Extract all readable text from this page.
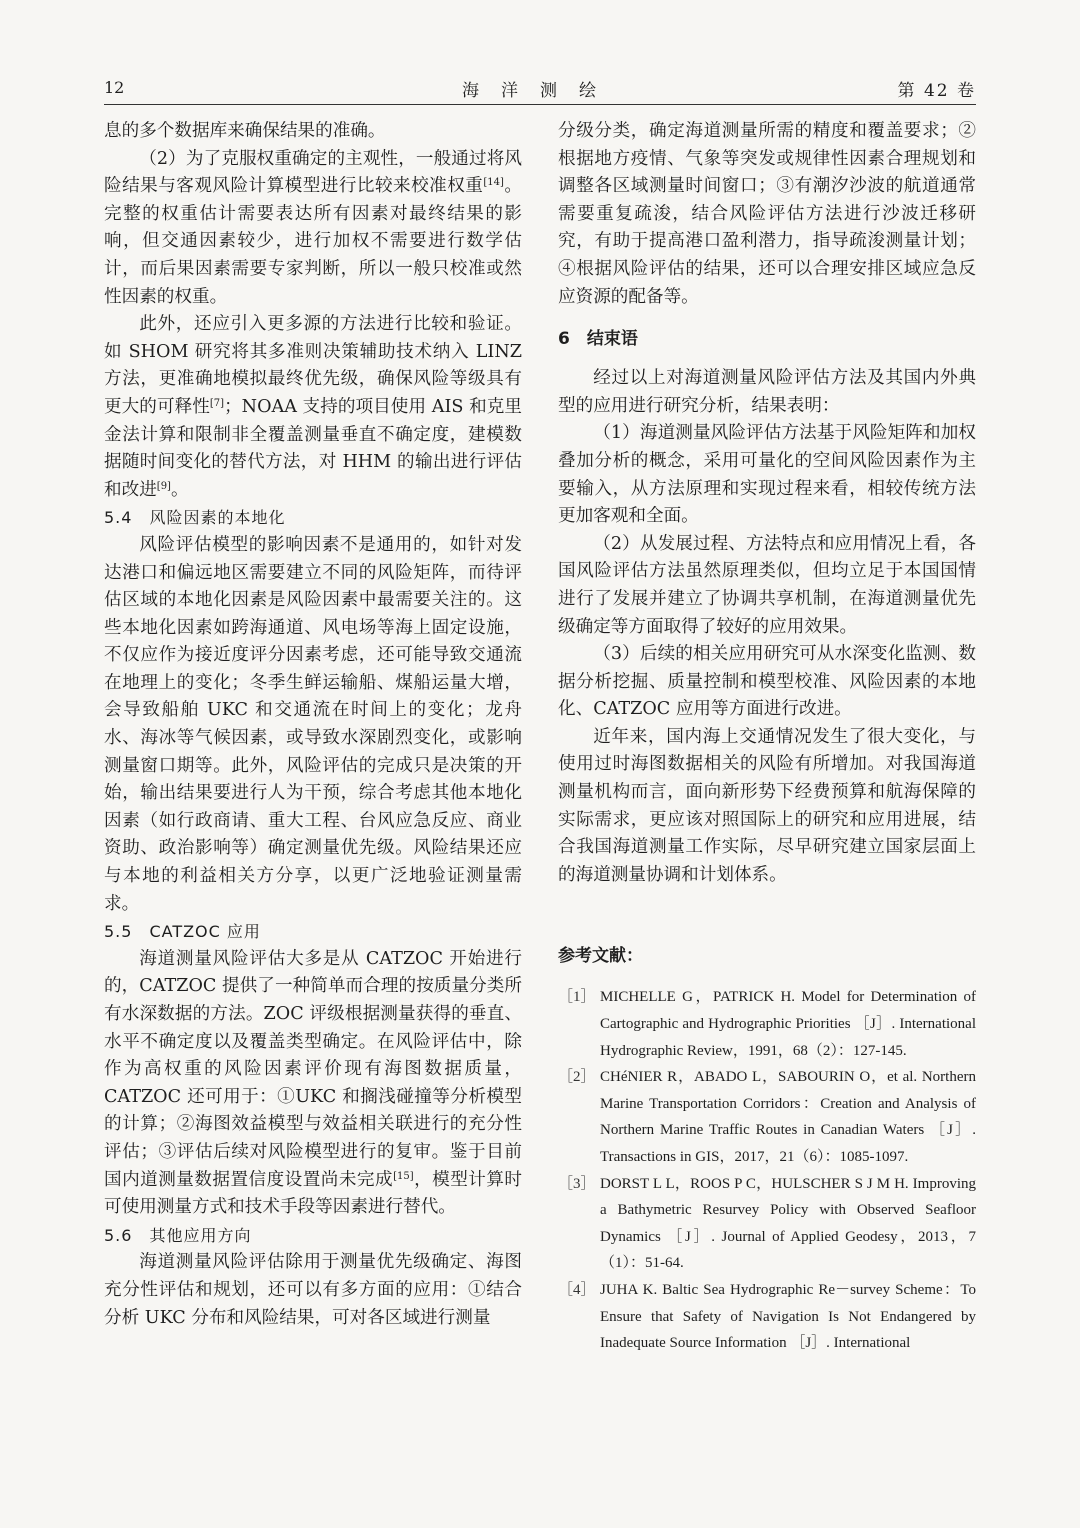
12	海洋测绘	第 42 卷

息的多个数据库来确保结果的准确。

（2）为了克服权重确定的主观性，一般通过将风险结果与客观风险计算模型进行比较来校准权重[14]。完整的权重估计需要表达所有因素对最终结果的影响，但交通因素较少，进行加权不需要进行数学估计，而后果因素需要专家判断，所以一般只校准或然性因素的权重。

此外，还应引入更多源的方法进行比较和验证。如 SHOM 研究将其多准则决策辅助技术纳入 LINZ 方法，更准确地模拟最终优先级，确保风险等级具有更大的可释性[7]；NOAA 支持的项目使用 AIS 和克里金法计算和限制非全覆盖测量垂直不确定度，建模数据随时间变化的替代方法，对 HHM 的输出进行评估和改进[9]。

5.4　风险因素的本地化

风险评估模型的影响因素不是通用的，如针对发达港口和偏远地区需要建立不同的风险矩阵，而待评估区域的本地化因素是风险因素中最需要关注的。这些本地化因素如跨海通道、风电场等海上固定设施，不仅应作为接近度评分因素考虑，还可能导致交通流在地理上的变化；冬季生鲜运输船、煤船运量大增，会导致船舶 UKC 和交通流在时间上的变化；龙舟水、海冰等气候因素，或导致水深剧烈变化，或影响测量窗口期等。此外，风险评估的完成只是决策的开始，输出结果要进行人为干预，综合考虑其他本地化因素（如行政商请、重大工程、台风应急反应、商业资助、政治影响等）确定测量优先级。风险结果还应与本地的利益相关方分享，以更广泛地验证测量需求。

5.5　CATZOC 应用

海道测量风险评估大多是从 CATZOC 开始进行的，CATZOC 提供了一种简单而合理的按质量分类所有水深数据的方法。ZOC 评级根据测量获得的垂直、水平不确定度以及覆盖类型确定。在风险评估中，除作为高权重的风险因素评价现有海图数据质量，CATZOC 还可用于：①UKC 和搁浅碰撞等分析模型的计算；②海图效益模型与效益相关联进行的充分性评估；③评估后续对风险模型进行的复审。鉴于目前国内道测量数据置信度设置尚未完成[15]，模型计算时可使用测量方式和技术手段等因素进行替代。

5.6　其他应用方向

海道测量风险评估除用于测量优先级确定、海图充分性评估和规划，还可以有多方面的应用：①结合分析 UKC 分布和风险结果，可对各区域进行测量

分级分类，确定海道测量所需的精度和覆盖要求；②根据地方疫情、气象等突发或规律性因素合理规划和调整各区域测量时间窗口；③有潮汐沙波的航道通常需要重复疏浚，结合风险评估方法进行沙波迁移研究，有助于提高港口盈利潜力，指导疏浚测量计划；④根据风险评估的结果，还可以合理安排区域应急反应资源的配备等。

6　结束语

经过以上对海道测量风险评估方法及其国内外典型的应用进行研究分析，结果表明：

（1）海道测量风险评估方法基于风险矩阵和加权叠加分析的概念，采用可量化的空间风险因素作为主要输入，从方法原理和实现过程来看，相较传统方法更加客观和全面。

（2）从发展过程、方法特点和应用情况上看，各国风险评估方法虽然原理类似，但均立足于本国国情进行了发展并建立了协调共享机制，在海道测量优先级确定等方面取得了较好的应用效果。

（3）后续的相关应用研究可从水深变化监测、数据分析挖掘、质量控制和模型校准、风险因素的本地化、CATZOC 应用等方面进行改进。

近年来，国内海上交通情况发生了很大变化，与使用过时海图数据相关的风险有所增加。对我国海道测量机构而言，面向新形势下经费预算和航海保障的实际需求，更应该对照国际上的研究和应用进展，结合我国海道测量工作实际，尽早研究建立国家层面上的海道测量协调和计划体系。

参考文献：
［1］ MICHELLE G，PATRICK H. Model for Determination of Cartographic and Hydrographic Priorities ［J］. International Hydrographic Review，1991，68（2）：127-145.
［2］ CHéNIER R，ABADO L，SABOURIN O，et al. Northern Marine Transportation Corridors：Creation and Analysis of Northern Marine Traffic Routes in Canadian Waters ［J］. Transactions in GIS，2017，21（6）：1085-1097.
［3］ DORST L L，ROOS P C，HULSCHER S J M H. Improving a Bathymetric Resurvey Policy with Observed Seafloor Dynamics ［J］. Journal of Applied Geodesy，2013，7（1）：51-64.
［4］ JUHA K. Baltic Sea Hydrographic Re－survey Scheme：To Ensure that Safety of Navigation Is Not Endangered by Inadequate Source Information ［J］. International
